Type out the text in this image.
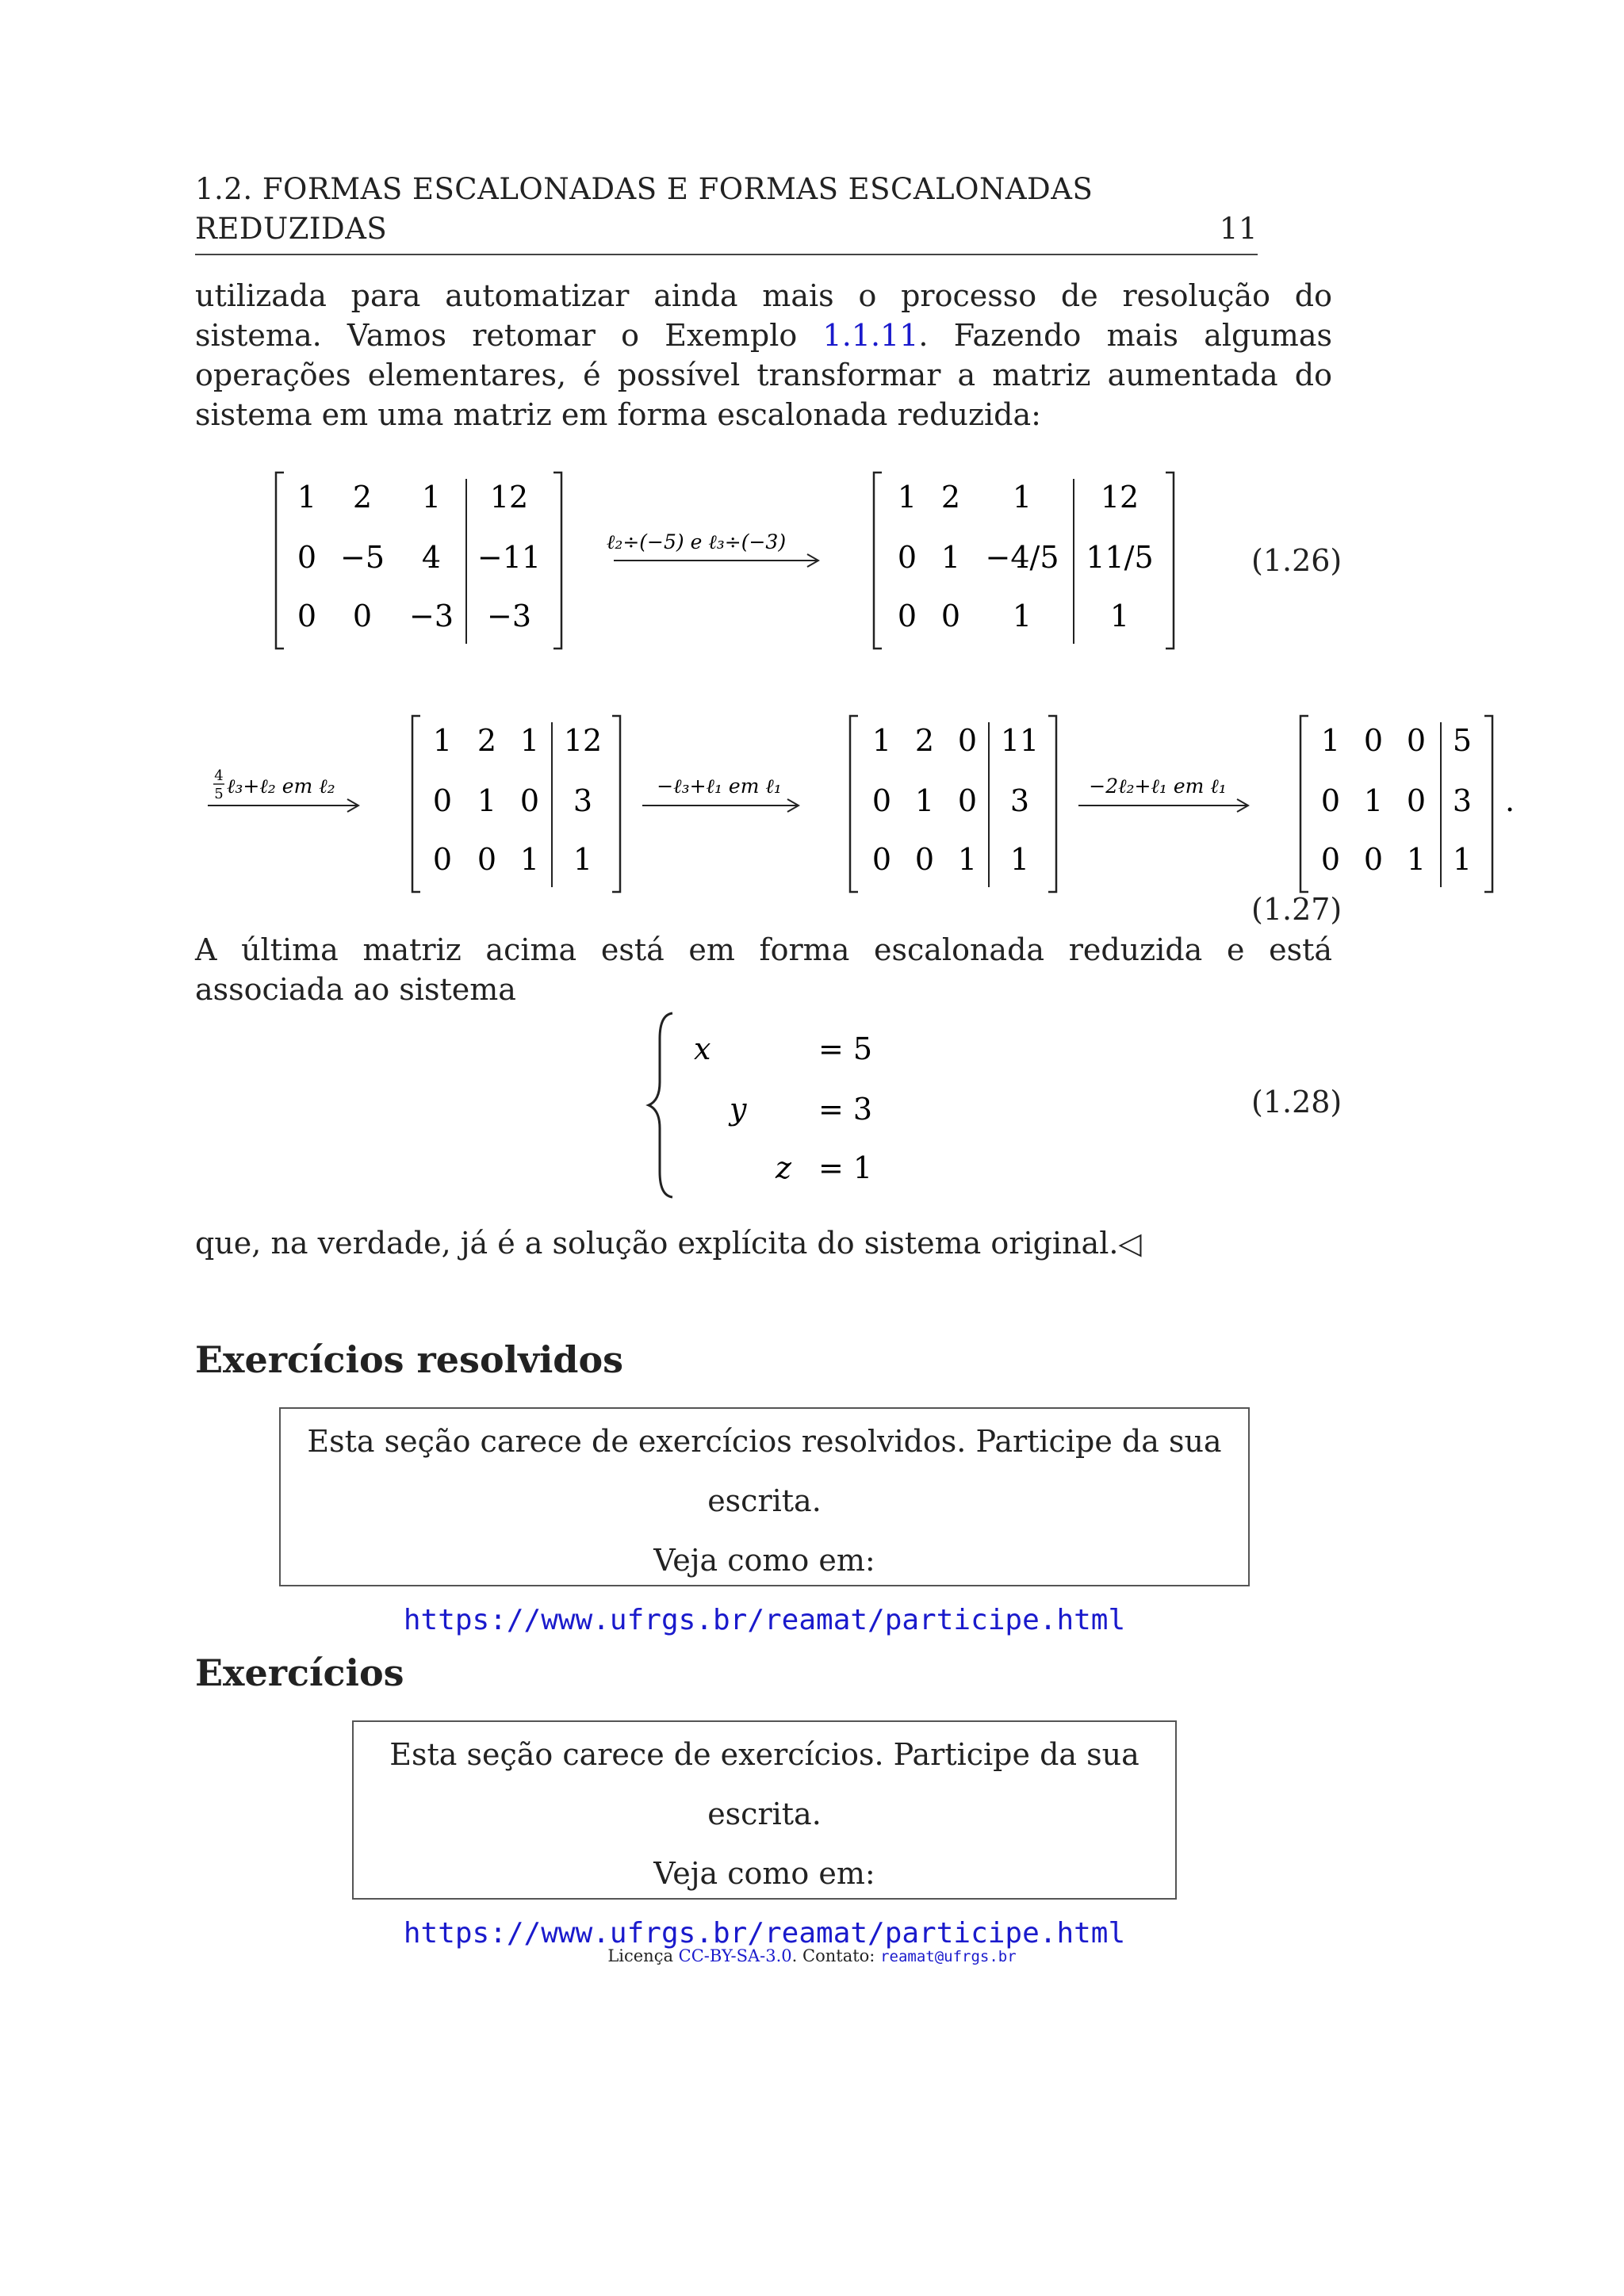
1.2. FORMAS ESCALONADAS E FORMAS ESCALONADAS
REDUZIDAS	11

utilizada para automatizar ainda mais o processo de resolução do sistema. Vamos retomar o Exemplo 1.1.11. Fazendo mais algumas operações elementares, é possível transformar a matriz aumentada do sistema em uma matriz em forma escalonada reduzida:

1 2 1 12
0 −5 4 −11
0 0 −3 −3
ℓ₂÷(−5) e ℓ₃÷(−3)
1 2 1 12
0 1 −4/5 11/5
0 0 1	1
(1.26)
4
5 ℓ₃+ℓ₂ em ℓ₂
1 2 1 12
0 1 0 3
0 0 1 1
−ℓ₃+ℓ₁ em ℓ₁
1 2 0 11
0 1 0 3
0 0 1 1
−2ℓ₂+ℓ₁ em ℓ₁
1 0 0 5
0 1 0 3
0 0 1 1
.
(1.27)

A última matriz acima está em forma escalonada reduzida e está associada ao sistema

x	= 5
y = 3
z = 1
(1.28)

que, na verdade, já é a solução explícita do sistema original.◁

Exercícios resolvidos
Esta seção carece de exercícios resolvidos. Participe da sua escrita.
Veja como em:
https://www.ufrgs.br/reamat/participe.html
Exercícios
Esta seção carece de exercícios. Participe da sua escrita.
Veja como em:
https://www.ufrgs.br/reamat/participe.html
Licença CC-BY-SA-3.0. Contato: reamat@ufrgs.br
